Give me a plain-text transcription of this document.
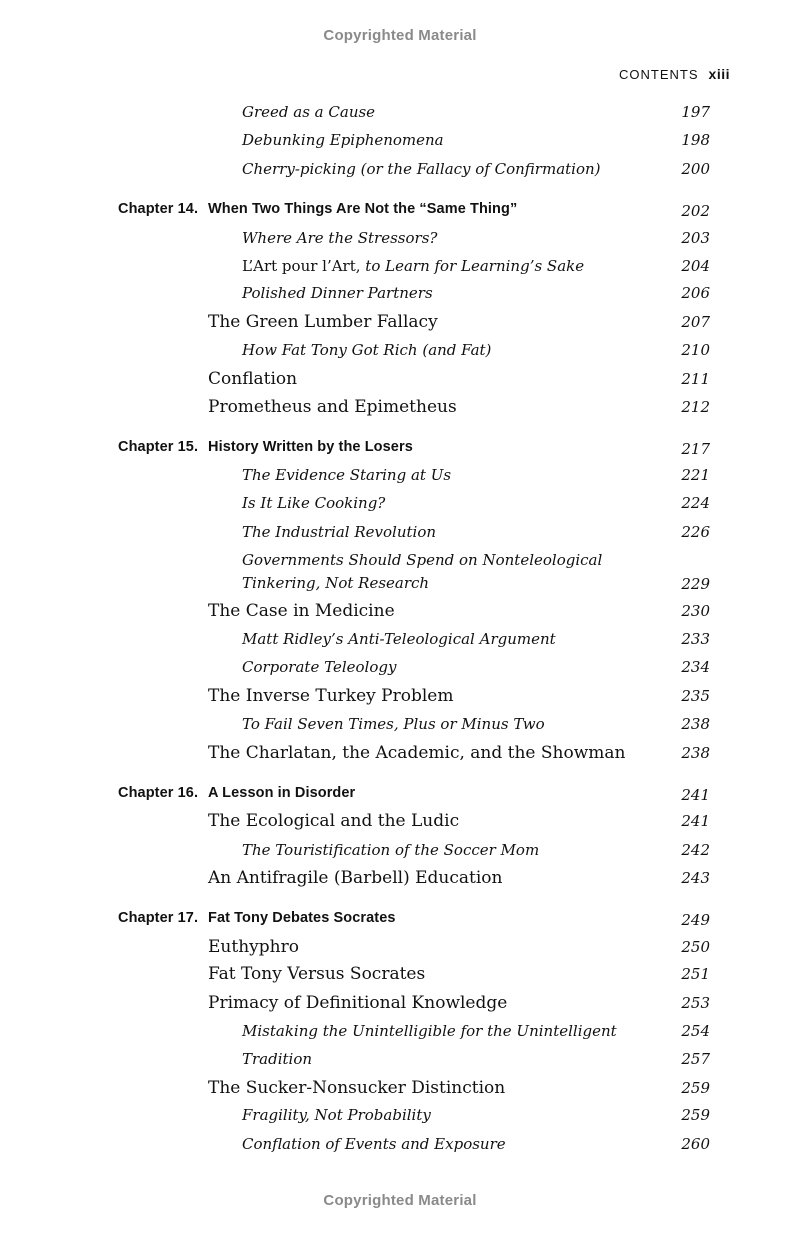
Copyrighted Material
CONTENTS xiii
Greed as a Cause	197
Debunking Epiphenomena	198
Cherry-picking (or the Fallacy of Confirmation)	200
Chapter 14. When Two Things Are Not the “Same Thing”	202
Where Are the Stressors?	203
L’Art pour l’Art, to Learn for Learning’s Sake	204
Polished Dinner Partners	206
The Green Lumber Fallacy	207
How Fat Tony Got Rich (and Fat)	210
Conflation	211
Prometheus and Epimetheus	212
Chapter 15. History Written by the Losers	217
The Evidence Staring at Us	221
Is It Like Cooking?	224
The Industrial Revolution	226
Governments Should Spend on Nonteleological
Tinkering, Not Research	229
The Case in Medicine	230
Matt Ridley’s Anti-Teleological Argument	233
Corporate Teleology	234
The Inverse Turkey Problem	235
To Fail Seven Times, Plus or Minus Two	238
The Charlatan, the Academic, and the Showman	238
Chapter 16. A Lesson in Disorder	241
The Ecological and the Ludic	241
The Touristification of the Soccer Mom	242
An Antifragile (Barbell) Education	243
Chapter 17. Fat Tony Debates Socrates	249
Euthyphro	250
Fat Tony Versus Socrates	251
Primacy of Definitional Knowledge	253
Mistaking the Unintelligible for the Unintelligent	254
Tradition	257
The Sucker-Nonsucker Distinction	259
Fragility, Not Probability	259
Conflation of Events and Exposure	260
Copyrighted Material
